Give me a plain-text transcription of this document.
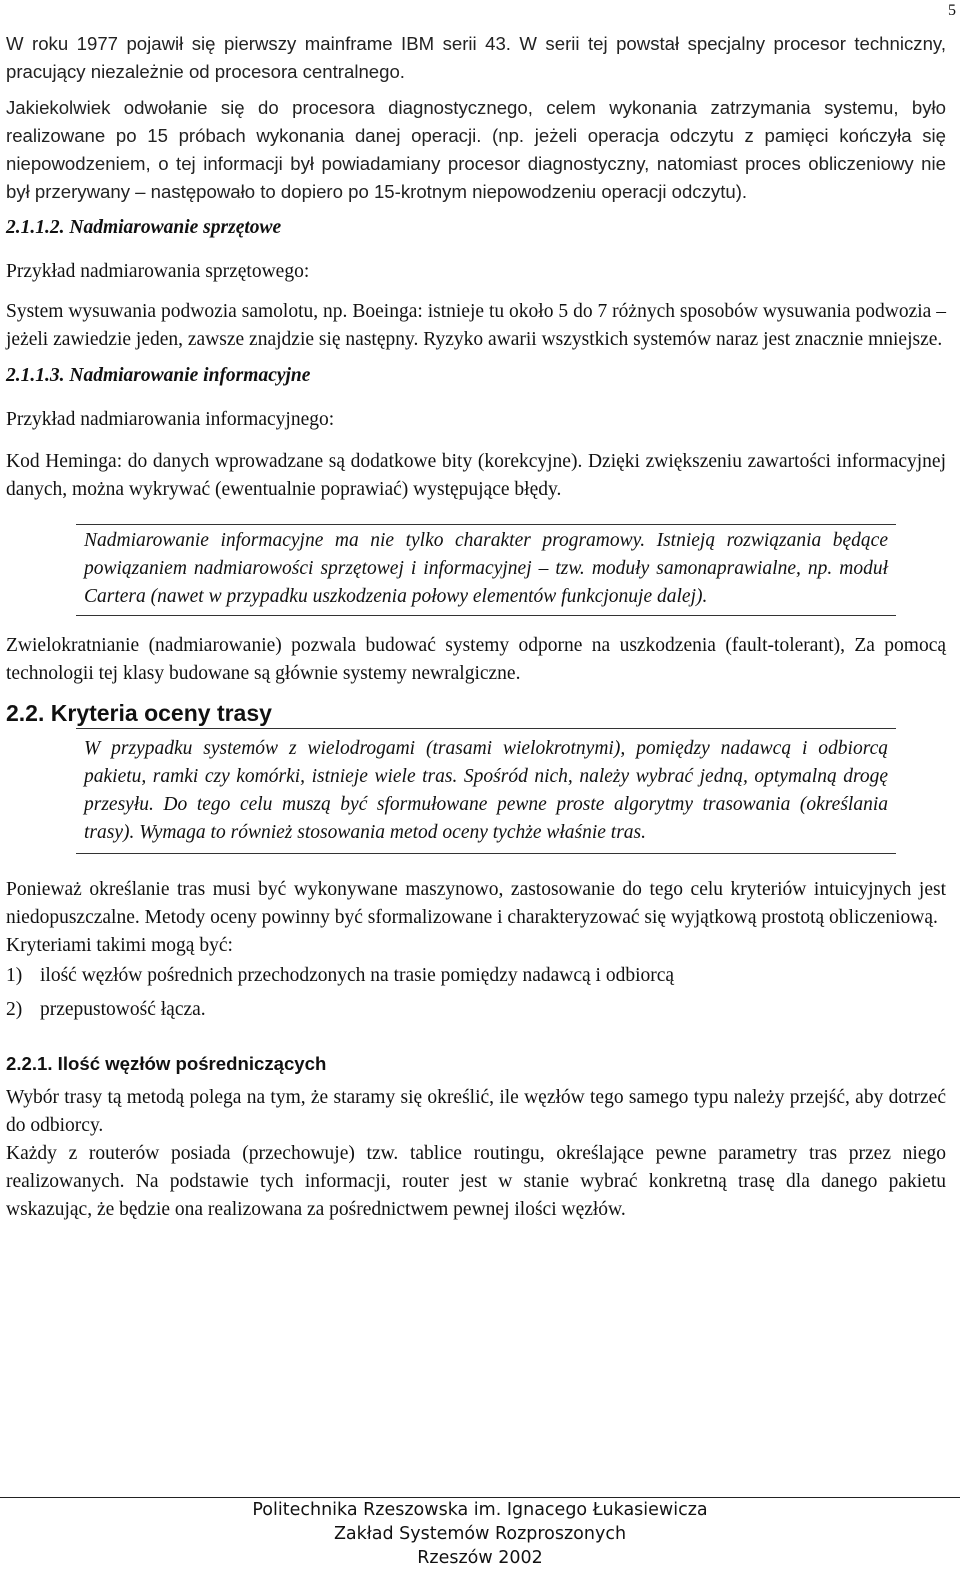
5

W roku 1977 pojawił się pierwszy mainframe IBM serii 43. W serii tej powstał specjalny procesor techniczny, pracujący niezależnie od procesora centralnego.

Jakiekolwiek odwołanie się do procesora diagnostycznego, celem wykonania zatrzymania systemu, było realizowane po 15 próbach wykonania danej operacji. (np. jeżeli operacja odczytu z pamięci kończyła się niepowodzeniem, o tej informacji był powiadamiany procesor diagnostyczny, natomiast proces obliczeniowy nie był przerywany – następowało to dopiero po 15-krotnym niepowodzeniu operacji odczytu).

2.1.1.2. Nadmiarowanie sprzętowe

Przykład nadmiarowania sprzętowego:

System wysuwania podwozia samolotu, np. Boeinga: istnieje tu około 5 do 7 różnych sposobów wysuwania podwozia – jeżeli zawiedzie jeden, zawsze znajdzie się następny. Ryzyko awarii wszystkich systemów naraz jest znacznie mniejsze.

2.1.1.3. Nadmiarowanie informacyjne

Przykład nadmiarowania informacyjnego:

Kod Heminga: do danych wprowadzane są dodatkowe bity (korekcyjne). Dzięki zwiększeniu zawartości informacyjnej danych, można wykrywać (ewentualnie poprawiać) występujące błędy.

Nadmiarowanie informacyjne ma nie tylko charakter programowy. Istnieją rozwiązania będące powiązaniem nadmiarowości sprzętowej i informacyjnej – tzw. moduły samonaprawialne, np. moduł Cartera (nawet w przypadku uszkodzenia połowy elementów funkcjonuje dalej).

Zwielokratnianie (nadmiarowanie) pozwala budować systemy odporne na uszkodzenia (fault-tolerant), Za pomocą technologii tej klasy budowane są głównie systemy newralgiczne.

2.2. Kryteria oceny trasy

W przypadku systemów z wielodrogami (trasami wielokrotnymi), pomiędzy nadawcą i odbiorcą pakietu, ramki czy komórki, istnieje wiele tras. Spośród nich, należy wybrać jedną, optymalną drogę przesyłu. Do tego celu muszą być sformułowane pewne proste algorytmy trasowania (określania trasy). Wymaga to również stosowania metod oceny tychże właśnie tras.

Ponieważ określanie tras musi być wykonywane maszynowo, zastosowanie do tego celu kryteriów intuicyjnych jest niedopuszczalne. Metody oceny powinny być sformalizowane i charakteryzować się wyjątkową prostotą obliczeniową.

Kryteriami takimi mogą być:

1) ilość węzłów pośrednich przechodzonych na trasie pomiędzy nadawcą i odbiorcą
2) przepustowość łącza.

2.2.1. Ilość węzłów pośredniczących

Wybór trasy tą metodą polega na tym, że staramy się określić, ile węzłów tego samego typu należy przejść, aby dotrzeć do odbiorcy.

Każdy z routerów posiada (przechowuje) tzw. tablice routingu, określające pewne parametry tras przez niego realizowanych. Na podstawie tych informacji, router jest w stanie wybrać konkretną trasę dla danego pakietu wskazując, że będzie ona realizowana za pośrednictwem pewnej ilości węzłów.

Politechnika Rzeszowska im. Ignacego Łukasiewicza
Zakład Systemów Rozproszonych
Rzeszów 2002
